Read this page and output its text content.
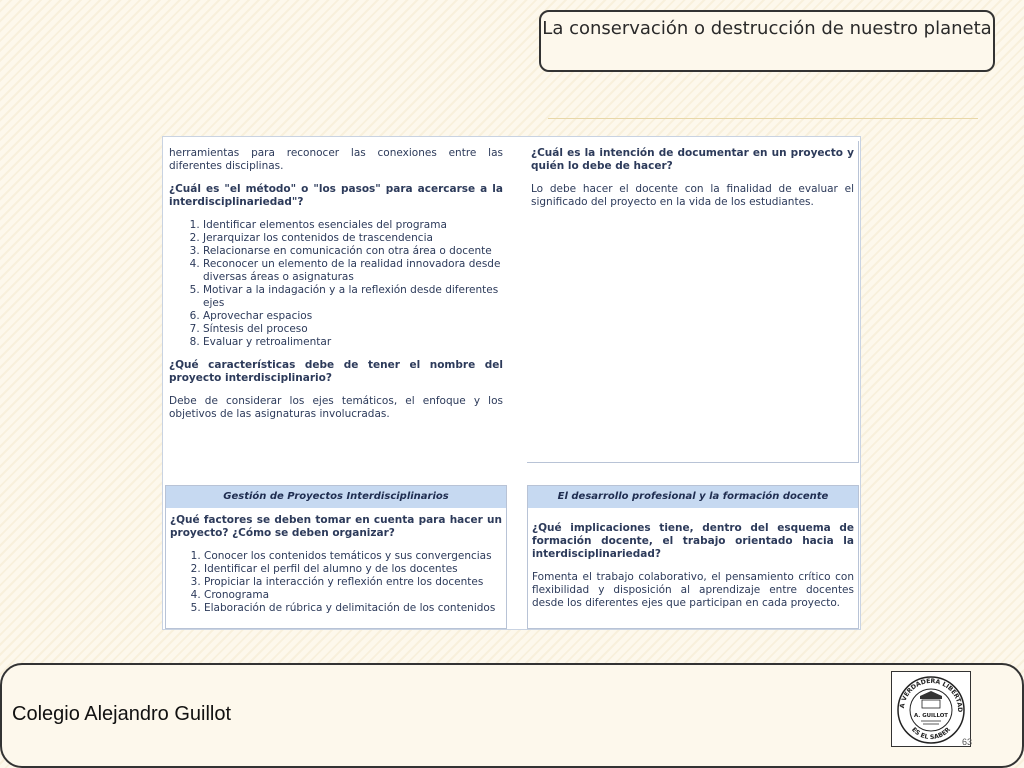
La conservación o destrucción de nuestro planeta

herramientas para reconocer las conexiones entre las diferentes disciplinas.

¿Cuál es "el método" o "los pasos" para acercarse a la interdisciplinariedad"?

1. Identificar elementos esenciales del programa
2. Jerarquizar los contenidos de trascendencia
3. Relacionarse en comunicación con otra área o docente
4. Reconocer un elemento de la realidad innovadora desde diversas áreas o asignaturas
5. Motivar a la indagación y a la reflexión desde diferentes ejes
6. Aprovechar espacios
7. Síntesis del proceso
8. Evaluar y retroalimentar

¿Qué características debe de tener el nombre del proyecto interdisciplinario?

Debe de considerar los ejes temáticos, el enfoque y los objetivos de las asignaturas involucradas.

¿Cuál es la intención de documentar en un proyecto y quién lo debe de hacer?

Lo debe hacer el docente con la finalidad de evaluar el significado del proyecto en la vida de los estudiantes.

Gestión de Proyectos Interdisciplinarios

¿Qué factores se deben tomar en cuenta para hacer un proyecto? ¿Cómo se deben organizar?

1. Conocer los contenidos temáticos y sus convergencias
2. Identificar el perfil del alumno y de los docentes
3. Propiciar la interacción y reflexión entre los docentes
4. Cronograma
5. Elaboración de rúbrica y delimitación de los contenidos
El desarrollo profesional y la formación docente

¿Qué implicaciones tiene, dentro del esquema de formación docente, el trabajo orientado hacia la interdisciplinariedad?

Fomenta el trabajo colaborativo, el pensamiento crítico con flexibilidad y disposición al aprendizaje entre docentes desde los diferentes ejes que participan en cada proyecto.

Colegio Alejandro Guillot	A VERDADERA LIBERTAD
ES EL SABER
A. GUILLOT
63
